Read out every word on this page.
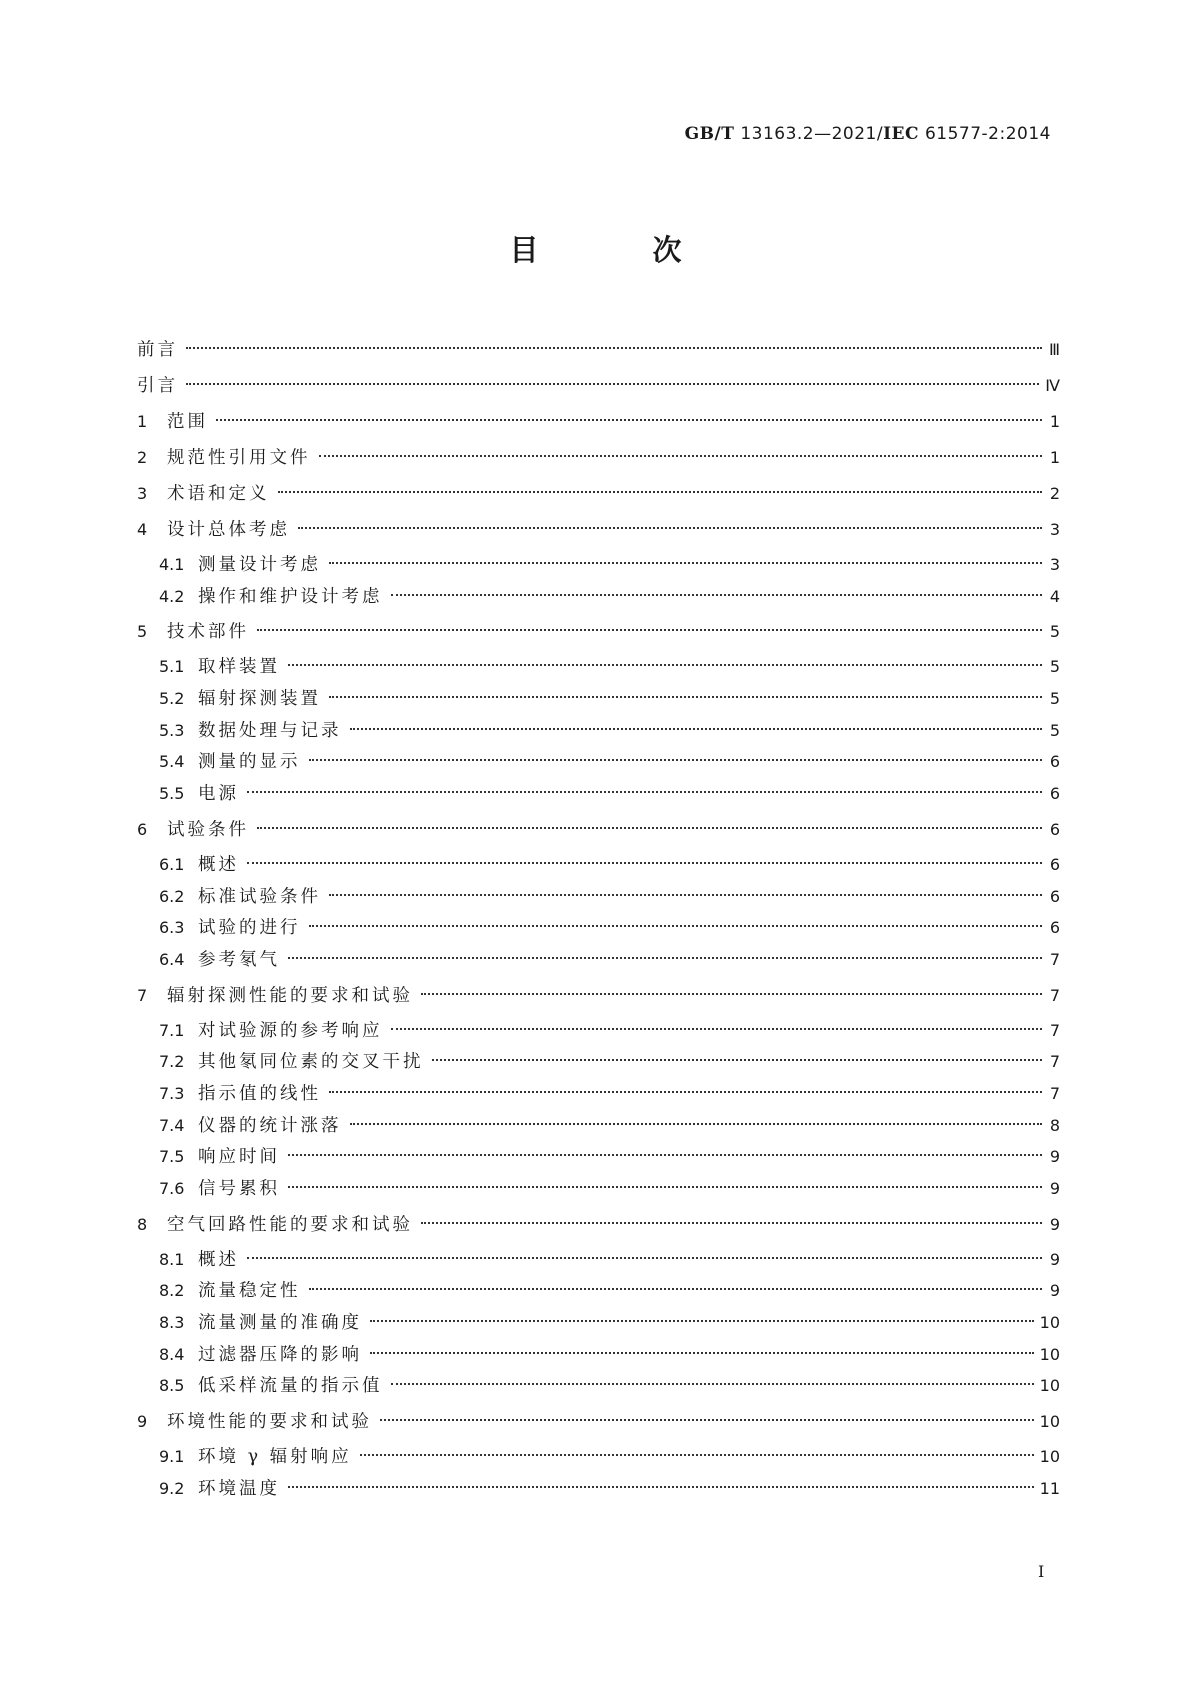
GB/T 13163.2—2021/IEC 61577-2:2014
目 次
前言	Ⅲ
引言	Ⅳ
1	范围	1
2	规范性引用文件	1
3	术语和定义	2
4	设计总体考虑	3
4.1 测量设计考虑	3
4.2 操作和维护设计考虑	4
5	技术部件	5
5.1 取样装置	5
5.2 辐射探测装置	5
5.3 数据处理与记录	5
5.4 测量的显示	6
5.5 电源	6
6	试验条件	6
6.1 概述	6
6.2 标准试验条件	6
6.3 试验的进行	6
6.4 参考氡气	7
7	辐射探测性能的要求和试验	7
7.1 对试验源的参考响应	7
7.2 其他氡同位素的交叉干扰	7
7.3 指示值的线性	7
7.4 仪器的统计涨落	8
7.5 响应时间	9
7.6 信号累积	9
8	空气回路性能的要求和试验	9
8.1 概述	9
8.2 流量稳定性	9
8.3 流量测量的准确度	10
8.4 过滤器压降的影响	10
8.5 低采样流量的指示值	10
9	环境性能的要求和试验	10
9.1 环境 γ 辐射响应	10
9.2 环境温度	11
I
